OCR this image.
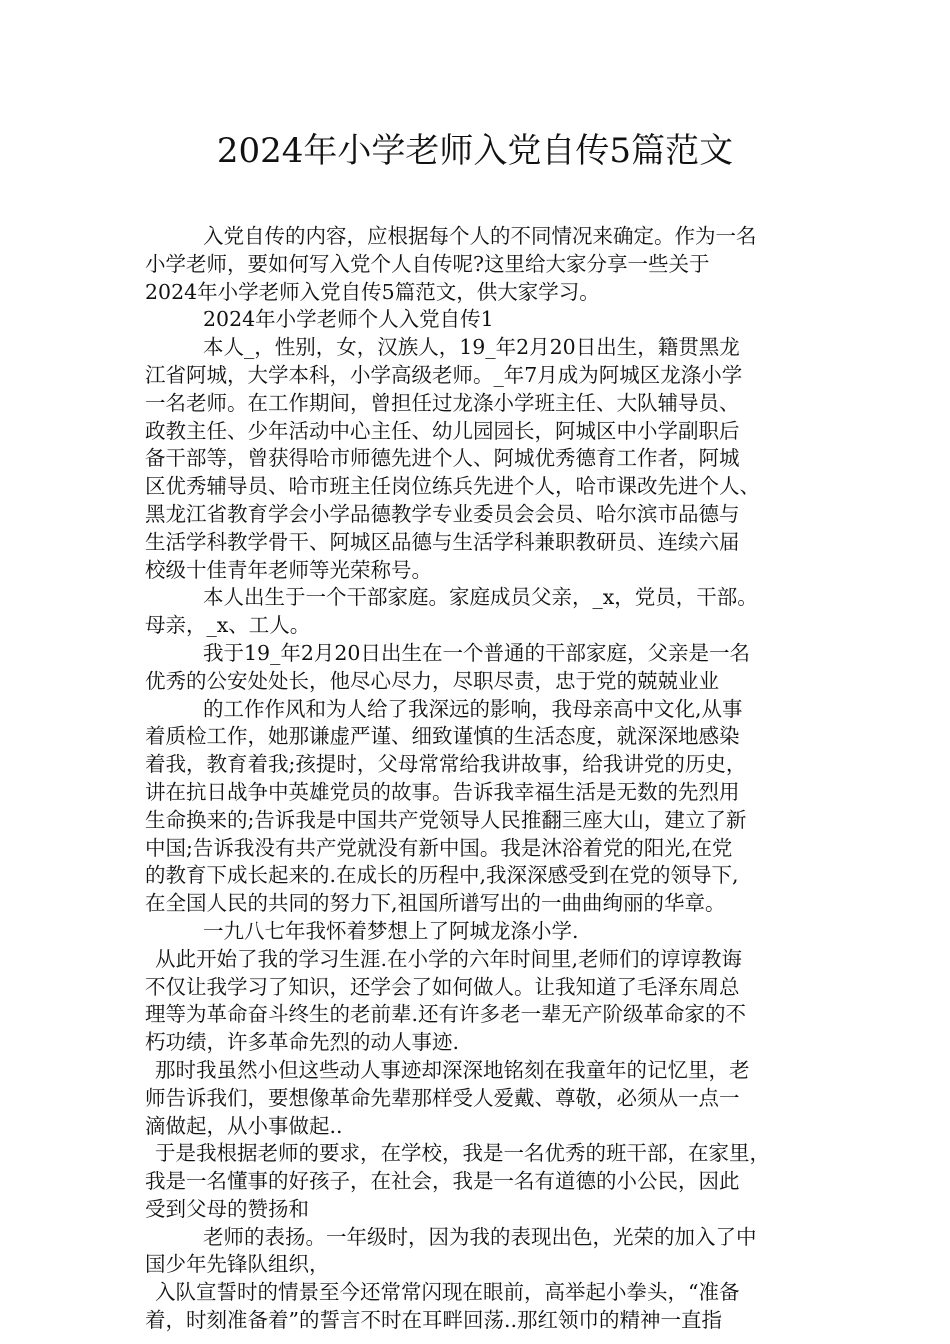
2024年小学老师入党自传5篇范文
入党自传的内容，应根据每个人的不同情况来确定。作为一名
小学老师，要如何写入党个人自传呢?这里给大家分享一些关于
2024年小学老师入党自传5篇范文，供大家学习。
2024年小学老师个人入党自传1
本人_，性别，女，汉族人，19_年2月20日出生，籍贯黑龙
江省阿城，大学本科，小学高级老师。_年7月成为阿城区龙涤小学
一名老师。在工作期间，曾担任过龙涤小学班主任、大队辅导员、
政教主任、少年活动中心主任、幼儿园园长，阿城区中小学副职后
备干部等，曾获得哈市师德先进个人、阿城优秀德育工作者，阿城
区优秀辅导员、哈市班主任岗位练兵先进个人，哈市课改先进个人、
黑龙江省教育学会小学品德教学专业委员会会员、哈尔滨市品德与
生活学科教学骨干、阿城区品德与生活学科兼职教研员、连续六届
校级十佳青年老师等光荣称号。
本人出生于一个干部家庭。家庭成员父亲，_x，党员，干部。
母亲，_x、工人。
我于19_年2月20日出生在一个普通的干部家庭，父亲是一名
优秀的公安处处长，他尽心尽力，尽职尽责，忠于党的兢兢业业
的工作作风和为人给了我深远的影响，我母亲高中文化,从事
着质检工作，她那谦虚严谨、细致谨慎的生活态度，就深深地感染
着我，教育着我;孩提时，父母常常给我讲故事，给我讲党的历史，
讲在抗日战争中英雄党员的故事。告诉我幸福生活是无数的先烈用
生命换来的;告诉我是中国共产党领导人民推翻三座大山，建立了新
中国;告诉我没有共产党就没有新中国。我是沐浴着党的阳光,在党
的教育下成长起来的.在成长的历程中,我深深感受到在党的领导下,
在全国人民的共同的努力下,祖国所谱写出的一曲曲绚丽的华章。
一九八七年我怀着梦想上了阿城龙涤小学.
从此开始了我的学习生涯.在小学的六年时间里,老师们的谆谆教诲
不仅让我学习了知识，还学会了如何做人。让我知道了毛泽东周总
理等为革命奋斗终生的老前辈.还有许多老一辈无产阶级革命家的不
朽功绩，许多革命先烈的动人事迹.
那时我虽然小但这些动人事迹却深深地铭刻在我童年的记忆里，老
师告诉我们，要想像革命先辈那样受人爱戴、尊敬，必须从一点一
滴做起，从小事做起..
于是我根据老师的要求，在学校，我是一名优秀的班干部，在家里，
我是一名懂事的好孩子，在社会，我是一名有道德的小公民，因此
受到父母的赞扬和
老师的表扬。一年级时，因为我的表现出色，光荣的加入了中
国少年先锋队组织，
入队宣誓时的情景至今还常常闪现在眼前，高举起小拳头，“准备
着，时刻准备着”的誓言不时在耳畔回荡..那红领巾的精神一直指
